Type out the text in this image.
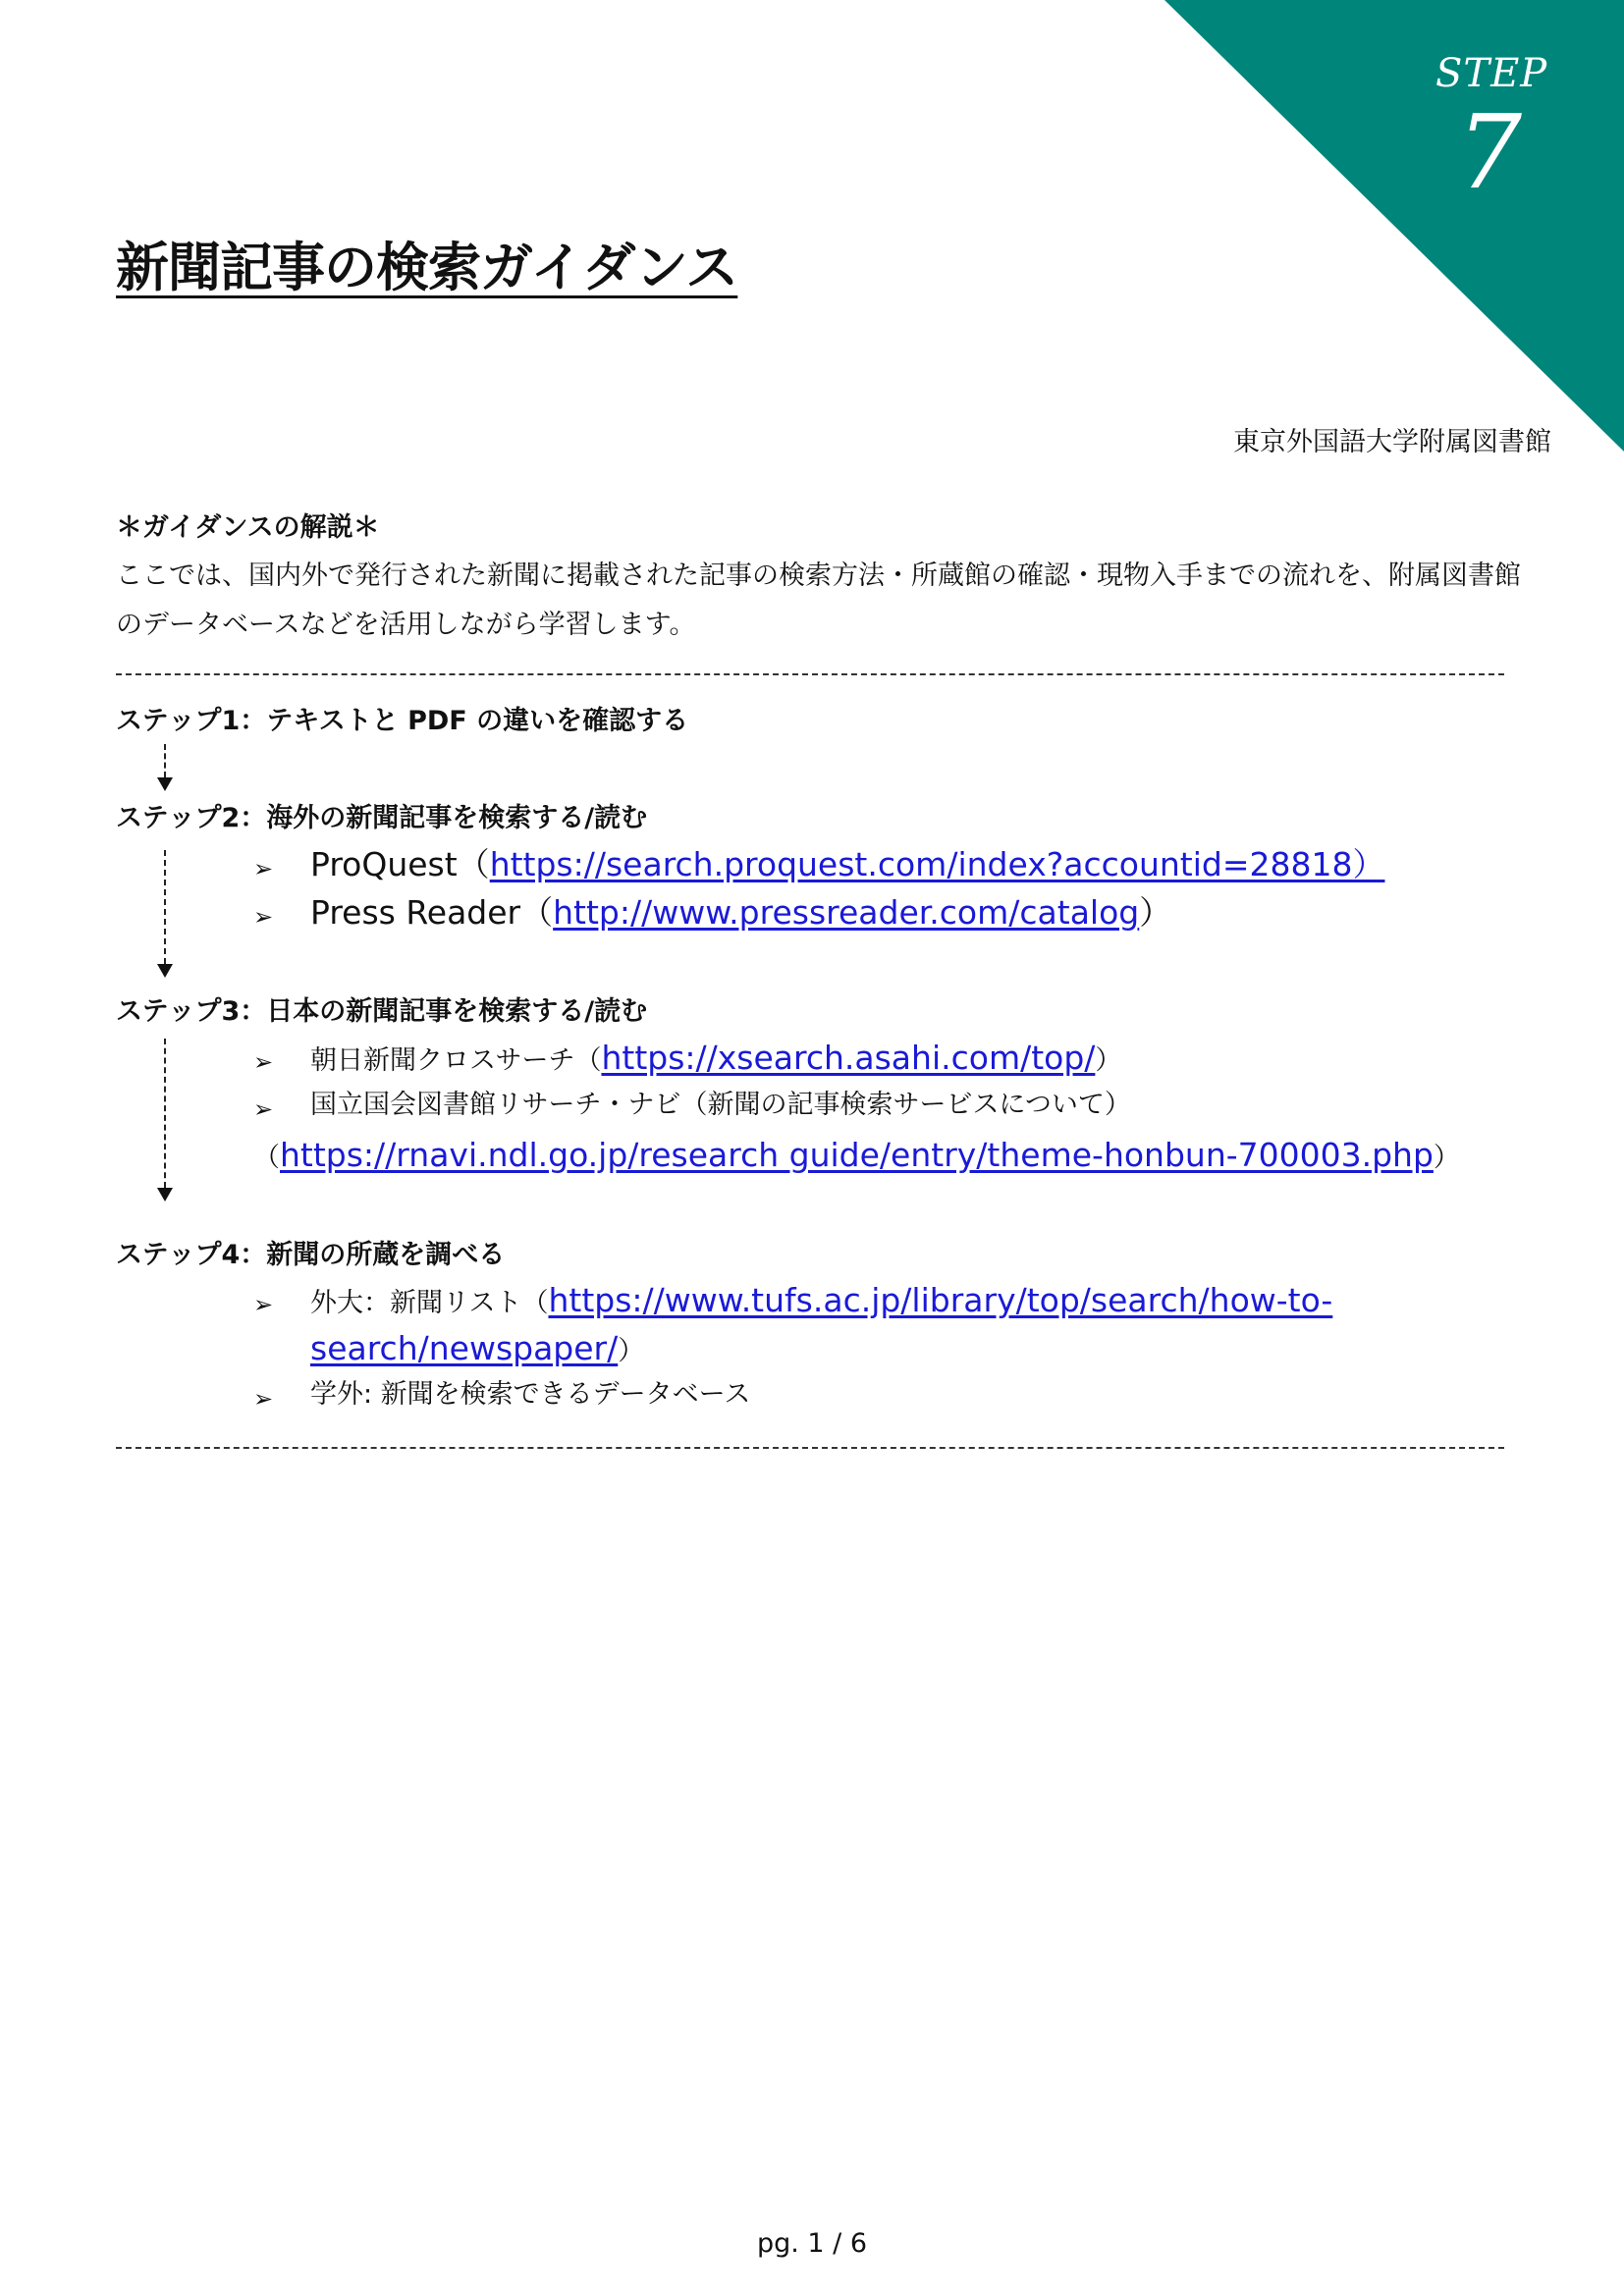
STEP
7
新聞記事の検索ガイダンス
東京外国語大学附属図書館
＊ガイダンスの解説＊
ここでは、国内外で発行された新聞に掲載された記事の検索方法・所蔵館の確認・現物入手までの流れを、附属図書館
のデータベースなどを活用しながら学習します。
ステップ1：テキストと PDF の違いを確認する
ステップ2：海外の新聞記事を検索する/読む
➢ ProQuest（https://search.proquest.com/index?accountid=28818）
➢ Press Reader（http://www.pressreader.com/catalog）
ステップ3：日本の新聞記事を検索する/読む
➢ 朝日新聞クロスサーチ（https://xsearch.asahi.com/top/）
➢ 国立国会図書館リサーチ・ナビ（新聞の記事検索サービスについて）
（https://rnavi.ndl.go.jp/research guide/entry/theme-honbun-700003.php）
ステップ4：新聞の所蔵を調べる
➢ 外大：新聞リスト（https://www.tufs.ac.jp/library/top/search/how-to-
search/newspaper/）
➢ 学外: 新聞を検索できるデータベース
pg. 1 / 6
